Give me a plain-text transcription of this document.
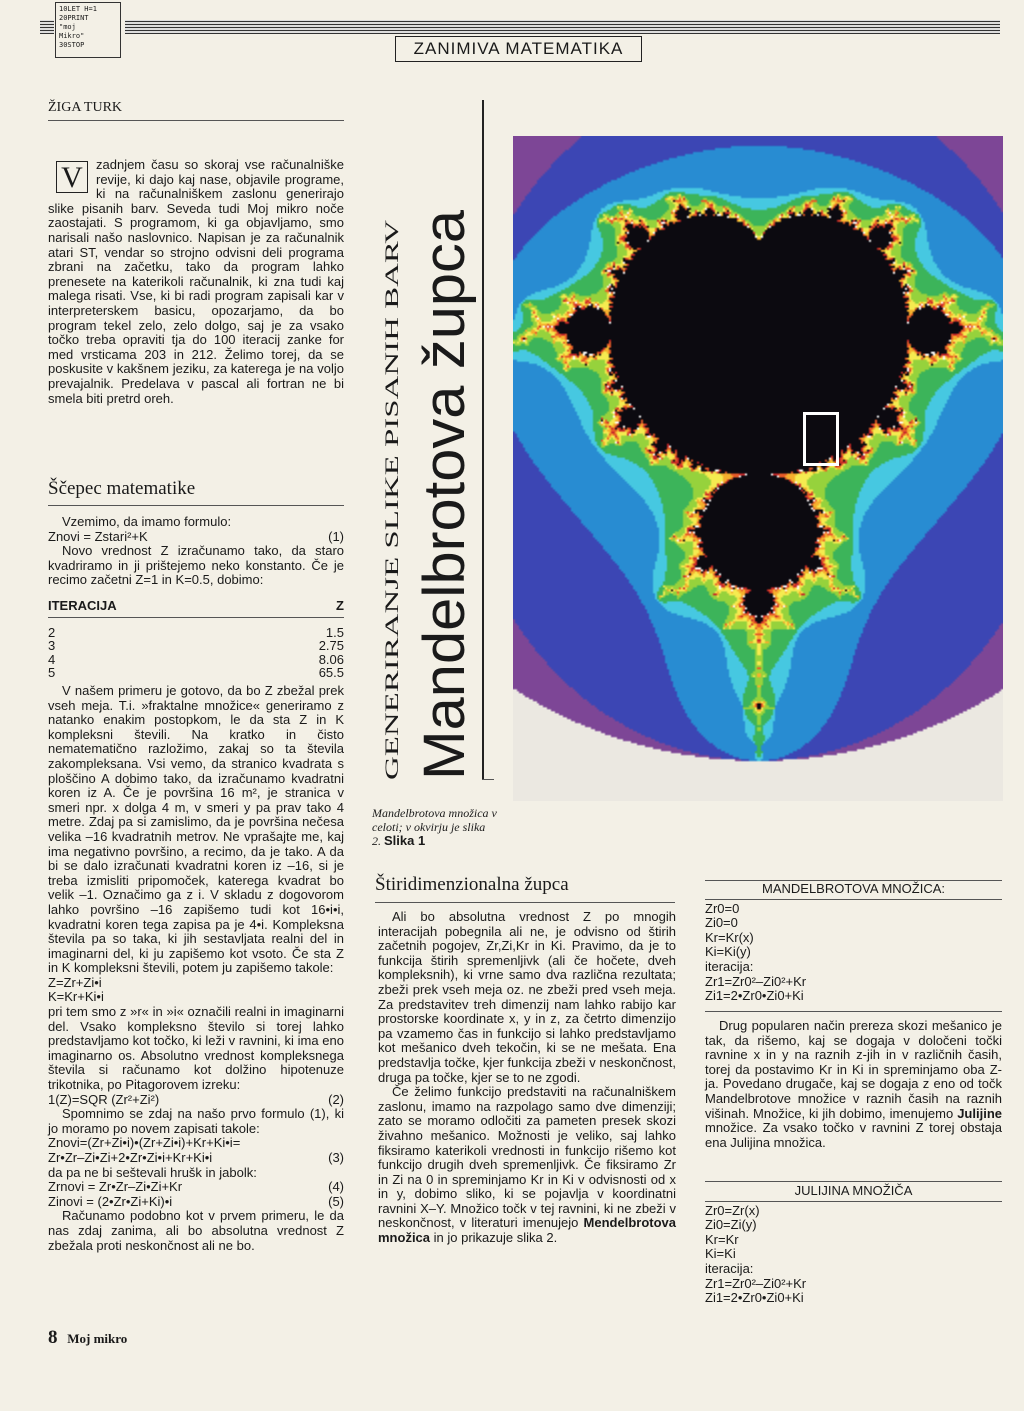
10LET H=1
20PRINT
"moj
Mikro"
30STOP	ZANIMIVA MATEMATIKA
ŽIGA TURK
V	zadnjem času so skoraj vse računalniške revije, ki dajo kaj nase, objavile programe, ki na računalniškem zaslonu generirajo slike pisanih barv. Seveda tudi Moj mikro noče zaostajati. S programom, ki ga objavljamo, smo narisali našo naslovnico. Napisan je za računalnik atari ST, vendar so strojno odvisni deli programa zbrani na začetku, tako da program lahko prenesete na katerikoli računalnik, ki zna tudi kaj malega risati. Vse, ki bi radi program zapisali kar v interpreterskem basicu, opozarjamo, da bo program tekel zelo, zelo dolgo, saj je za vsako točko treba opraviti tja do 100 iteracij zanke for med vrsticama 203 in 212. Želimo torej, da se poskusite v kakšnem jeziku, za katerega je na voljo prevajalnik. Predelava v pascal ali fortran ne bi smela biti pretrd oreh.
Ščepec matematike
Vzemimo, da imamo formulo:
Znovi = Zstari²+K	(1)
Novo vrednost Z izračunamo tako, da staro kvadriramo in ji prištejemo neko konstanto. Če je recimo začetni Z=1 in K=0.5, dobimo:
ITERACIJA	Z
2	1.5
3	2.75
4	8.06
5	65.5
V našem primeru je gotovo, da bo Z zbežal prek vseh meja. T.i. »fraktalne množice« generiramo z natanko enakim postopkom, le da sta Z in K kompleksni števili. Na kratko in čisto nematematično razložimo, zakaj so ta števila zakompleksana. Vsi vemo, da stranico kvadrata s ploščino A dobimo tako, da izračunamo kvadratni koren iz A. Če je površina 16 m², je stranica v smeri npr. x dolga 4 m, v smeri y pa prav tako 4 metre. Zdaj pa si zamislimo, da je površina nečesa velika –16 kvadratnih metrov. Ne vprašajte me, kaj ima negativno površino, a recimo, da je tako. A da bi se dalo izračunati kvadratni koren iz –16, si je treba izmisliti pripomoček, katerega kvadrat bo velik –1. Označimo ga z i. V skladu z dogovorom lahko površino –16 zapišemo tudi kot 16•i•i, kvadratni koren tega zapisa pa je 4•i. Kompleksna števila pa so taka, ki jih sestavljata realni del in imaginarni del, ki ju zapišemo kot vsoto. Če sta Z in K kompleksni števili, potem ju zapišemo takole:
Z=Zr+Zi•i
K=Kr+Ki•i
pri tem smo z »r« in »i« označili realni in imaginarni del. Vsako kompleksno število si torej lahko predstavljamo kot točko, ki leži v ravnini, ki ima eno imaginarno os. Absolutno vrednost kompleksnega števila si računamo kot dolžino hipotenuze trikotnika, po Pitagorovem izreku:
1(Z)=SQR (Zr²+Zi²)	(2)
Spomnimo se zdaj na našo prvo formulo (1), ki jo moramo po novem zapisati takole:
Znovi=(Zr+Zi•i)•(Zr+Zi•i)+Kr+Ki•i=
Zr•Zr–Zi•Zi+2•Zr•Zi•i+Kr+Ki•i	(3)
da pa ne bi seštevali hrušk in jabolk:
Zrnovi = Zr•Zr–Zi•Zi+Kr	(4)
Zinovi = (2•Zr•Zi+Ki)•i	(5)
Računamo podobno kot v prvem primeru, le da nas zdaj zanima, ali bo absolutna vrednost Z zbežala proti neskončnost ali ne bo.
8 Moj mikro
GENERIRANJE SLIKE PISANIH BARV Mandelbrotova župca
Mandelbrotova množica v celoti; v okvirju je slika 2. Slika 1
Štiridimenzionalna župca
Ali bo absolutna vrednost Z po mnogih interacijah pobegnila ali ne, je odvisno od štirih začetnih pogojev, Zr,Zi,Kr in Ki. Pravimo, da je to funkcija štirih spremenljivk (ali če hočete, dveh kompleksnih), ki vrne samo dva različna rezultata; zbeži prek vseh meja oz. ne zbeži pred vseh meja. Za predstavitev treh dimenzij nam lahko rabijo kar prostorske koordinate x, y in z, za četrto dimenzijo pa vzamemo čas in funkcijo si lahko predstavljamo kot mešanico dveh tekočin, ki se ne mešata. Ena predstavlja točke, kjer funkcija zbeži v neskončnost, druga pa točke, kjer se to ne zgodi.
Če želimo funkcijo predstaviti na računalniškem zaslonu, imamo na razpolago samo dve dimenziji; zato se moramo odločiti za pameten presek skozi živahno mešanico. Možnosti je veliko, saj lahko fiksiramo katerikoli vrednosti in funkcijo rišemo kot funkcijo drugih dveh spremenljivk. Če fiksiramo Zr in Zi na 0 in spreminjamo Kr in Ki v odvisnosti od x in y, dobimo sliko, ki se pojavlja v koordinatni ravnini X–Y. Množico točk v tej ravnini, ki ne zbeži v neskončnost, v literaturi imenujejo Mendelbrotova množica in jo prikazuje slika 2.
MANDELBROTOVA MNOŽICA:
Zr0=0
Zi0=0
Kr=Kr(x)
Ki=Ki(y)
iteracija:
Zr1=Zr0²–Zi0²+Kr
Zi1=2•Zr0•Zi0+Ki
Drug popularen način prereza skozi mešanico je tak, da rišemo, kaj se dogaja v določeni točki ravnine x in y na raznih z-jih in v različnih časih, torej da postavimo Kr in Ki in spreminjamo oba Z-ja. Povedano drugače, kaj se dogaja z eno od točk Mandelbrotove množice v raznih časih na raznih višinah. Množice, ki jih dobimo, imenujemo Julijine množice. Za vsako točko v ravnini Z torej obstaja ena Julijina množica.
JULIJINA MNOŽIČA
Zr0=Zr(x)
Zi0=Zi(y)
Kr=Kr
Ki=Ki
iteracija:
Zr1=Zr0²–Zi0²+Kr
Zi1=2•Zr0•Zi0+Ki
